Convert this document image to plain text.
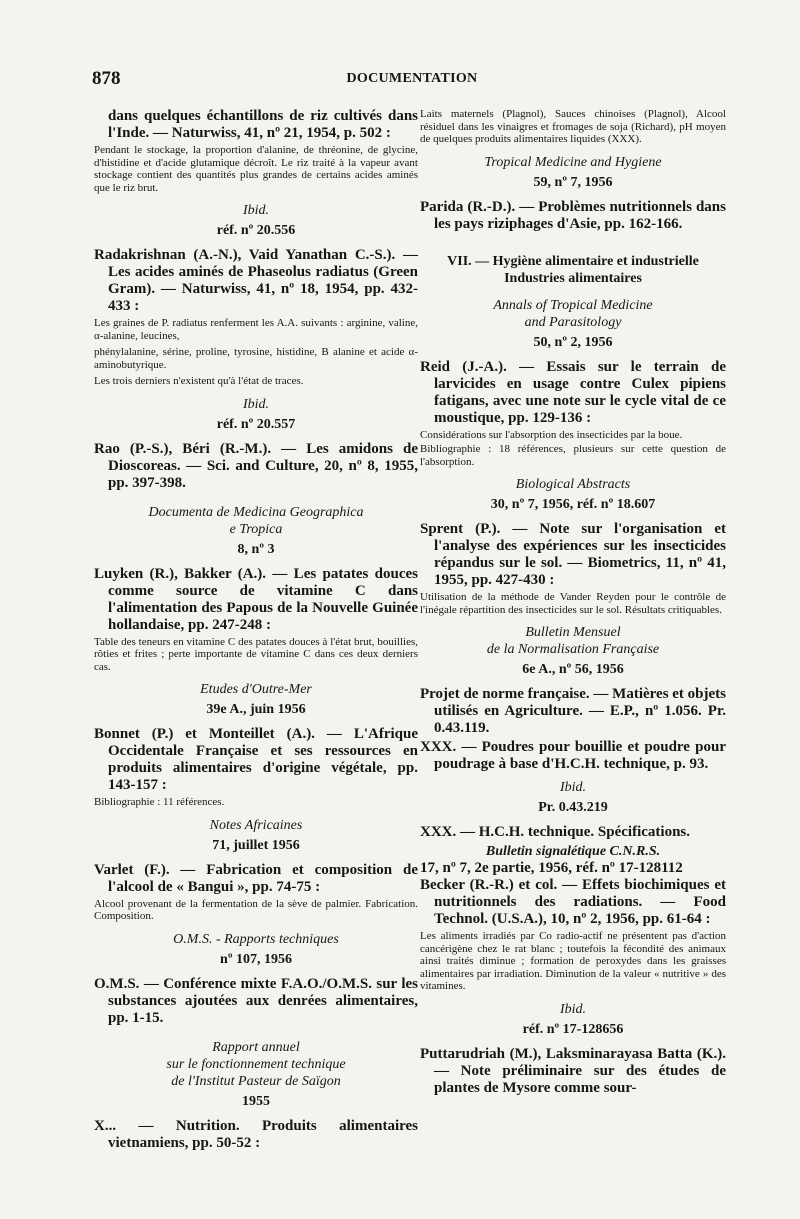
878	DOCUMENTATION

dans quelques échantillons de riz cultivés dans l'Inde. — Naturwiss, 41, nº 21, 1954, p. 502 :

Pendant le stockage, la proportion d'alanine, de thréonine, de glycine, d'histidine et d'acide glutamique décroît. Le riz traité à la vapeur avant stockage contient des quantités plus grandes de certains acides aminés que le riz brut.

Ibid.
réf. nº 20.556

Radakrishnan (A.-N.), Vaid Yanathan C.-S.). — Les acides aminés de Phaseolus radiatus (Green Gram). — Naturwiss, 41, nº 18, 1954, pp. 432-433 :

Les graines de P. radiatus renferment les A.A. suivants : arginine, valine, α-alanine, leucines,

phénylalanine, sérine, proline, tyrosine, histidine, B alanine et acide α-aminobutyrique.

Les trois derniers n'existent qu'à l'état de traces.

Ibid.
réf. nº 20.557

Rao (P.-S.), Béri (R.-M.). — Les amidons de Dioscoreas. — Sci. and Culture, 20, nº 8, 1955, pp. 397-398.

Documenta de Medicina Geographica
e Tropica
8, nº 3

Luyken (R.), Bakker (A.). — Les patates douces comme source de vitamine C dans l'alimentation des Papous de la Nouvelle Guinée hollandaise, pp. 247-248 :

Table des teneurs en vitamine C des patates douces à l'état brut, bouillies, rôties et frites ; perte importante de vitamine C dans ces deux derniers cas.

Etudes d'Outre-Mer
39e A., juin 1956

Bonnet (P.) et Monteillet (A.). — L'Afrique Occidentale Française et ses ressources en produits alimentaires d'origine végétale, pp. 143-157 :

Bibliographie : 11 références.

Notes Africaines
71, juillet 1956

Varlet (F.). — Fabrication et composition de l'alcool de « Bangui », pp. 74-75 :

Alcool provenant de la fermentation de la sève de palmier. Fabrication. Composition.

O.M.S. - Rapports techniques
nº 107, 1956

O.M.S. — Conférence mixte F.A.O./O.M.S. sur les substances ajoutées aux denrées alimentaires, pp. 1-15.

Rapport annuel
sur le fonctionnement technique
de l'Institut Pasteur de Saïgon
1955

X... — Nutrition. Produits alimentaires vietnamiens, pp. 50-52 :

Laits maternels (Plagnol), Sauces chinoises (Plagnol), Alcool résiduel dans les vinaigres et fromages de soja (Richard), pH moyen de quelques produits alimentaires liquides (XXX).

Tropical Medicine and Hygiene
59, nº 7, 1956

Parida (R.-D.). — Problèmes nutritionnels dans les pays riziphages d'Asie, pp. 162-166.

VII. — Hygiène alimentaire et industrielle
Industries alimentaires
Annals of Tropical Medicine
and Parasitology
50, nº 2, 1956

Reid (J.-A.). — Essais sur le terrain de larvicides en usage contre Culex pipiens fatigans, avec une note sur le cycle vital de ce moustique, pp. 129-136 :

Considérations sur l'absorption des insecticides par la boue.

Bibliographie : 18 références, plusieurs sur cette question de l'absorption.

Biological Abstracts
30, nº 7, 1956, réf. nº 18.607

Sprent (P.). — Note sur l'organisation et l'analyse des expériences sur les insecticides répandus sur le sol. — Biometrics, 11, nº 41, 1955, pp. 427-430 :

Utilisation de la méthode de Vander Reyden pour le contrôle de l'inégale répartition des insecticides sur le sol. Résultats critiquables.

Bulletin Mensuel
de la Normalisation Française
6e A., nº 56, 1956

Projet de norme française. — Matières et objets utilisés en Agriculture. — E.P., nº 1.056. Pr. 0.43.119.

XXX. — Poudres pour bouillie et poudre pour poudrage à base d'H.C.H. technique, p. 93.

Ibid.
Pr. 0.43.219

XXX. — H.C.H. technique. Spécifications.

Bulletin signalétique C.N.R.S.
17, nº 7, 2e partie, 1956, réf. nº 17-128112

Becker (R.-R.) et col. — Effets biochimiques et nutritionnels des radiations. — Food Technol. (U.S.A.), 10, nº 2, 1956, pp. 61-64 :

Les aliments irradiés par Co radio-actif ne présentent pas d'action cancérigène chez le rat blanc ; toutefois la fécondité des animaux ainsi traités diminue ; formation de peroxydes dans les graisses alimentaires par irradiation. Diminution de la valeur « nutritive » des vitamines.

Ibid.
réf. nº 17-128656

Puttarudriah (M.), Laksminarayasa Batta (K.). — Note préliminaire sur des études de plantes de Mysore comme sour-
